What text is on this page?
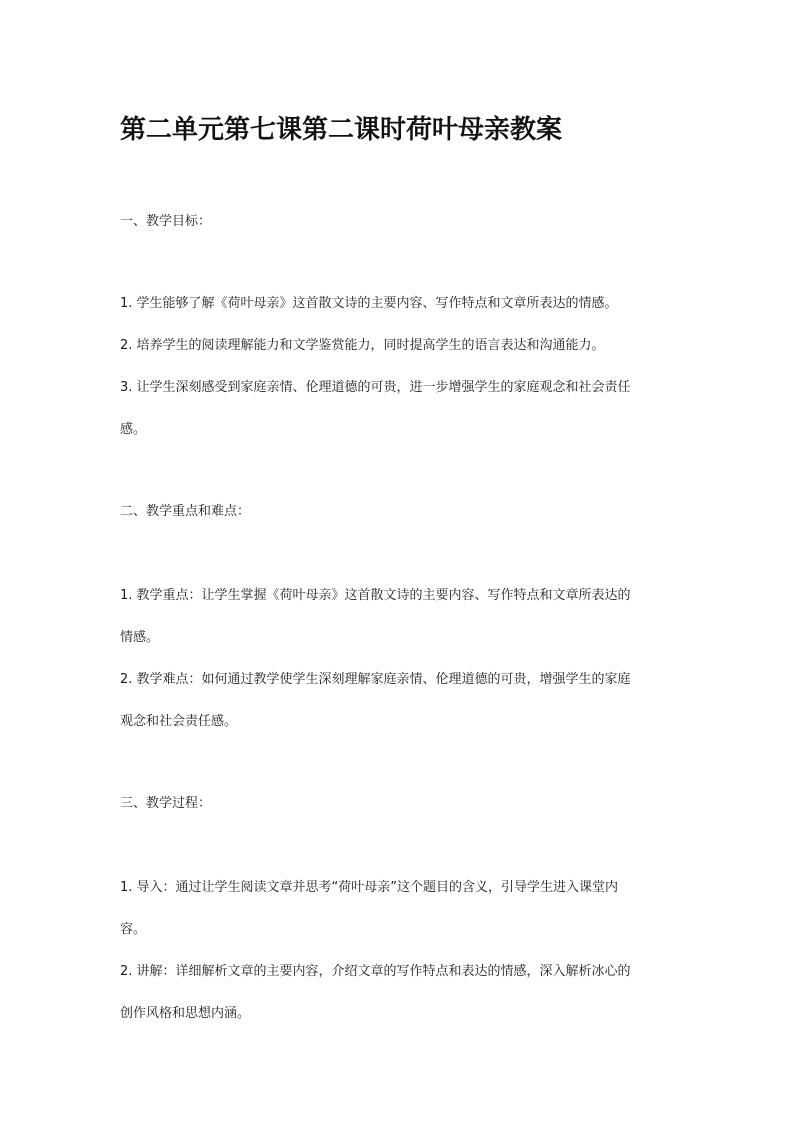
第二单元第七课第二课时荷叶母亲教案

一、教学目标：

1. 学生能够了解《荷叶母亲》这首散文诗的主要内容、写作特点和文章所表达的情感。

2. 培养学生的阅读理解能力和文学鉴赏能力，同时提高学生的语言表达和沟通能力。

3. 让学生深刻感受到家庭亲情、伦理道德的可贵，进一步增强学生的家庭观念和社会责任

感。

二、教学重点和难点：

1. 教学重点：让学生掌握《荷叶母亲》这首散文诗的主要内容、写作特点和文章所表达的

情感。

2. 教学难点：如何通过教学使学生深刻理解家庭亲情、伦理道德的可贵，增强学生的家庭

观念和社会责任感。

三、教学过程：

1. 导入：通过让学生阅读文章并思考“荷叶母亲”这个题目的含义，引导学生进入课堂内

容。

2. 讲解：详细解析文章的主要内容，介绍文章的写作特点和表达的情感，深入解析冰心的

创作风格和思想内涵。
